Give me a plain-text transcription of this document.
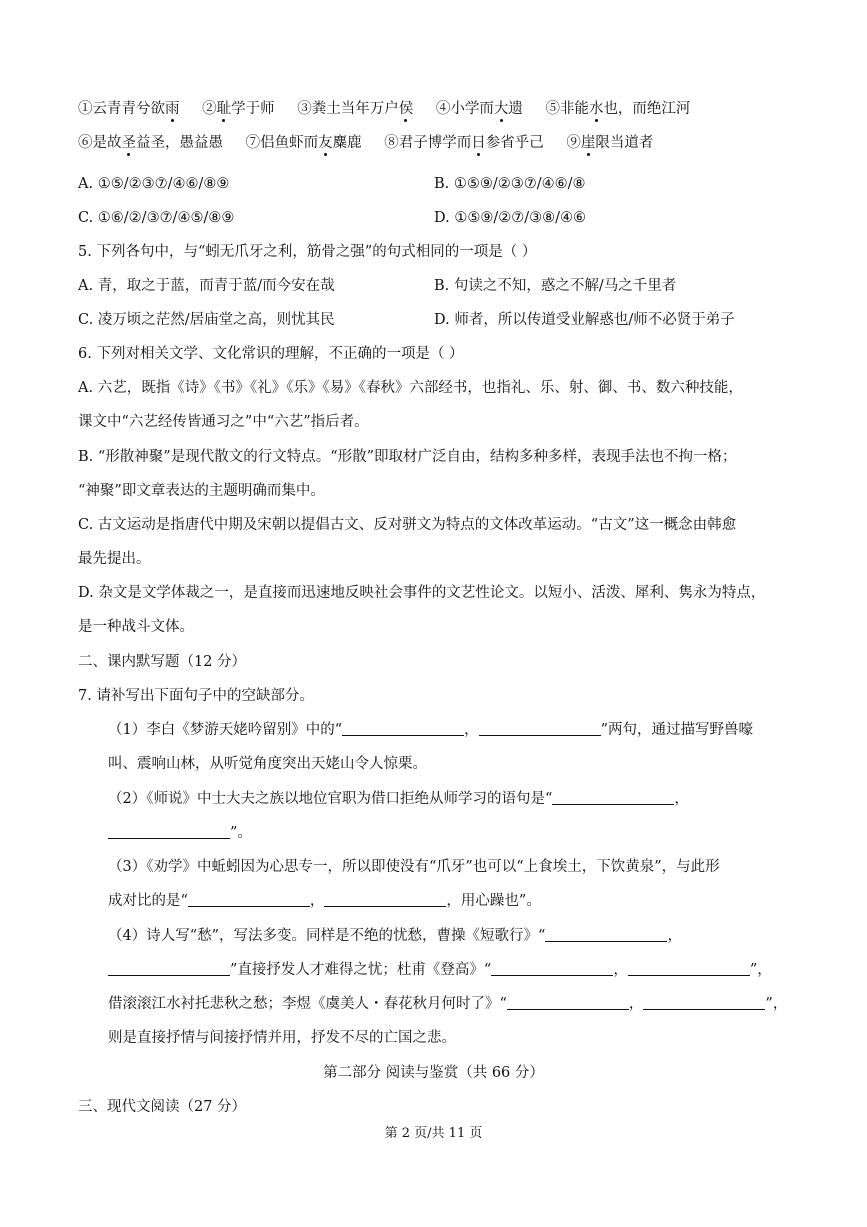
①云青青兮欲雨 ②耻学于师 ③粪土当年万户侯 ④小学而大遗 ⑤非能水也，而绝江河
⑥是故圣益圣，愚益愚 ⑦侣鱼虾而友麋鹿 ⑧君子博学而日参省乎己 ⑨崖限当道者
A. ①⑤/②③⑦/④⑥/⑧⑨	B. ①⑤⑨/②③⑦/④⑥/⑧
C. ①⑥/②/③⑦/④⑤/⑧⑨	D. ①⑤⑨/②⑦/③⑧/④⑥
5. 下列各句中，与“蚓无爪牙之利，筋骨之强”的句式相同的一项是（ ）
A. 青，取之于蓝，而青于蓝/而今安在哉	B. 句读之不知，惑之不解/马之千里者
C. 凌万顷之茫然/居庙堂之高，则忧其民	D. 师者，所以传道受业解惑也/师不必贤于弟子
6. 下列对相关文学、文化常识的理解，不正确的一项是（ ）
A. 六艺，既指《诗》《书》《礼》《乐》《易》《春秋》六部经书，也指礼、乐、射、御、书、数六种技能，
课文中“六艺经传皆通习之”中“六艺”指后者。
B. “形散神聚”是现代散文的行文特点。“形散”即取材广泛自由，结构多种多样，表现手法也不拘一格；
“神聚”即文章表达的主题明确而集中。
C. 古文运动是指唐代中期及宋朝以提倡古文、反对骈文为特点的文体改革运动。“古文”这一概念由韩愈
最先提出。
D. 杂文是文学体裁之一，是直接而迅速地反映社会事件的文艺性论文。以短小、活泼、犀利、隽永为特点，
是一种战斗文体。
二、课内默写题（12 分）
7. 请补写出下面句子中的空缺部分。
（1）李白《梦游天姥吟留别》中的“	，	”两句，通过描写野兽嚎
叫、震响山林，从听觉角度突出天姥山令人惊栗。
（2）《师说》中士大夫之族以地位官职为借口拒绝从师学习的语句是“	，
”。
（3）《劝学》中蚯蚓因为心思专一，所以即使没有“爪牙”也可以“上食埃土，下饮黄泉”，与此形
成对比的是“	，	，用心躁也”。
（4）诗人写“愁”，写法多变。同样是不绝的忧愁，曹操《短歌行》“	，
”直接抒发人才难得之忧；杜甫《登高》“	，	”，
借滚滚江水衬托悲秋之愁；李煜《虞美人・春花秋月何时了》“	，	”，
则是直接抒情与间接抒情并用，抒发不尽的亡国之悲。
第二部分 阅读与鉴赏（共 66 分）
三、现代文阅读（27 分）
第 2 页/共 11 页
